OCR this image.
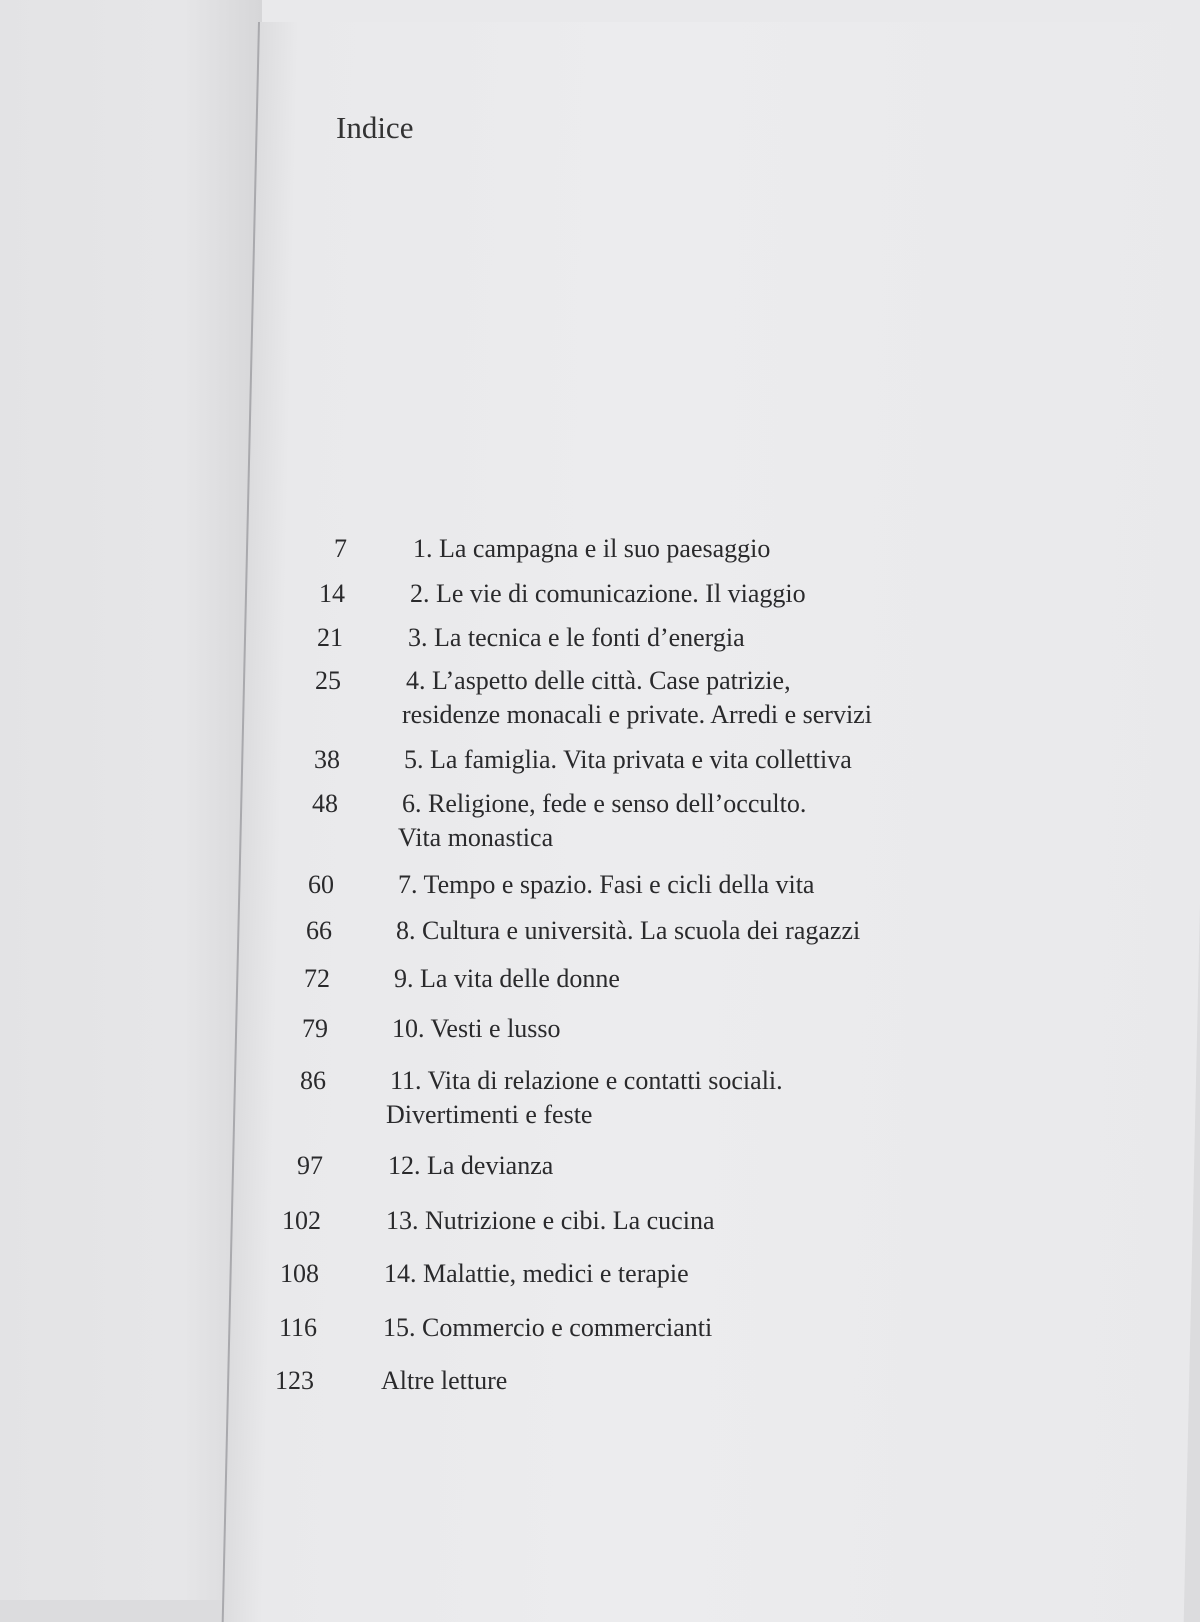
Indice
7	1. La campagna e il suo paesaggio
14	2. Le vie di comunicazione. Il viaggio
21	3. La tecnica e le fonti d’energia
25	4. L’aspetto delle città. Case patrizie,
residenze monacali e private. Arredi e servizi
38 5. La famiglia. Vita privata e vita collettiva
48 6. Religione, fede e senso dell’occulto.
Vita monastica
60 7. Tempo e spazio. Fasi e cicli della vita
66 8. Cultura e università. La scuola dei ragazzi
72 9. La vita delle donne
79 10. Vesti e lusso
86 11. Vita di relazione e contatti sociali.
Divertimenti e feste
97	12. La devianza
102	13. Nutrizione e cibi. La cucina
108	14. Malattie, medici e terapie
116	15. Commercio e commercianti
123	Altre letture
